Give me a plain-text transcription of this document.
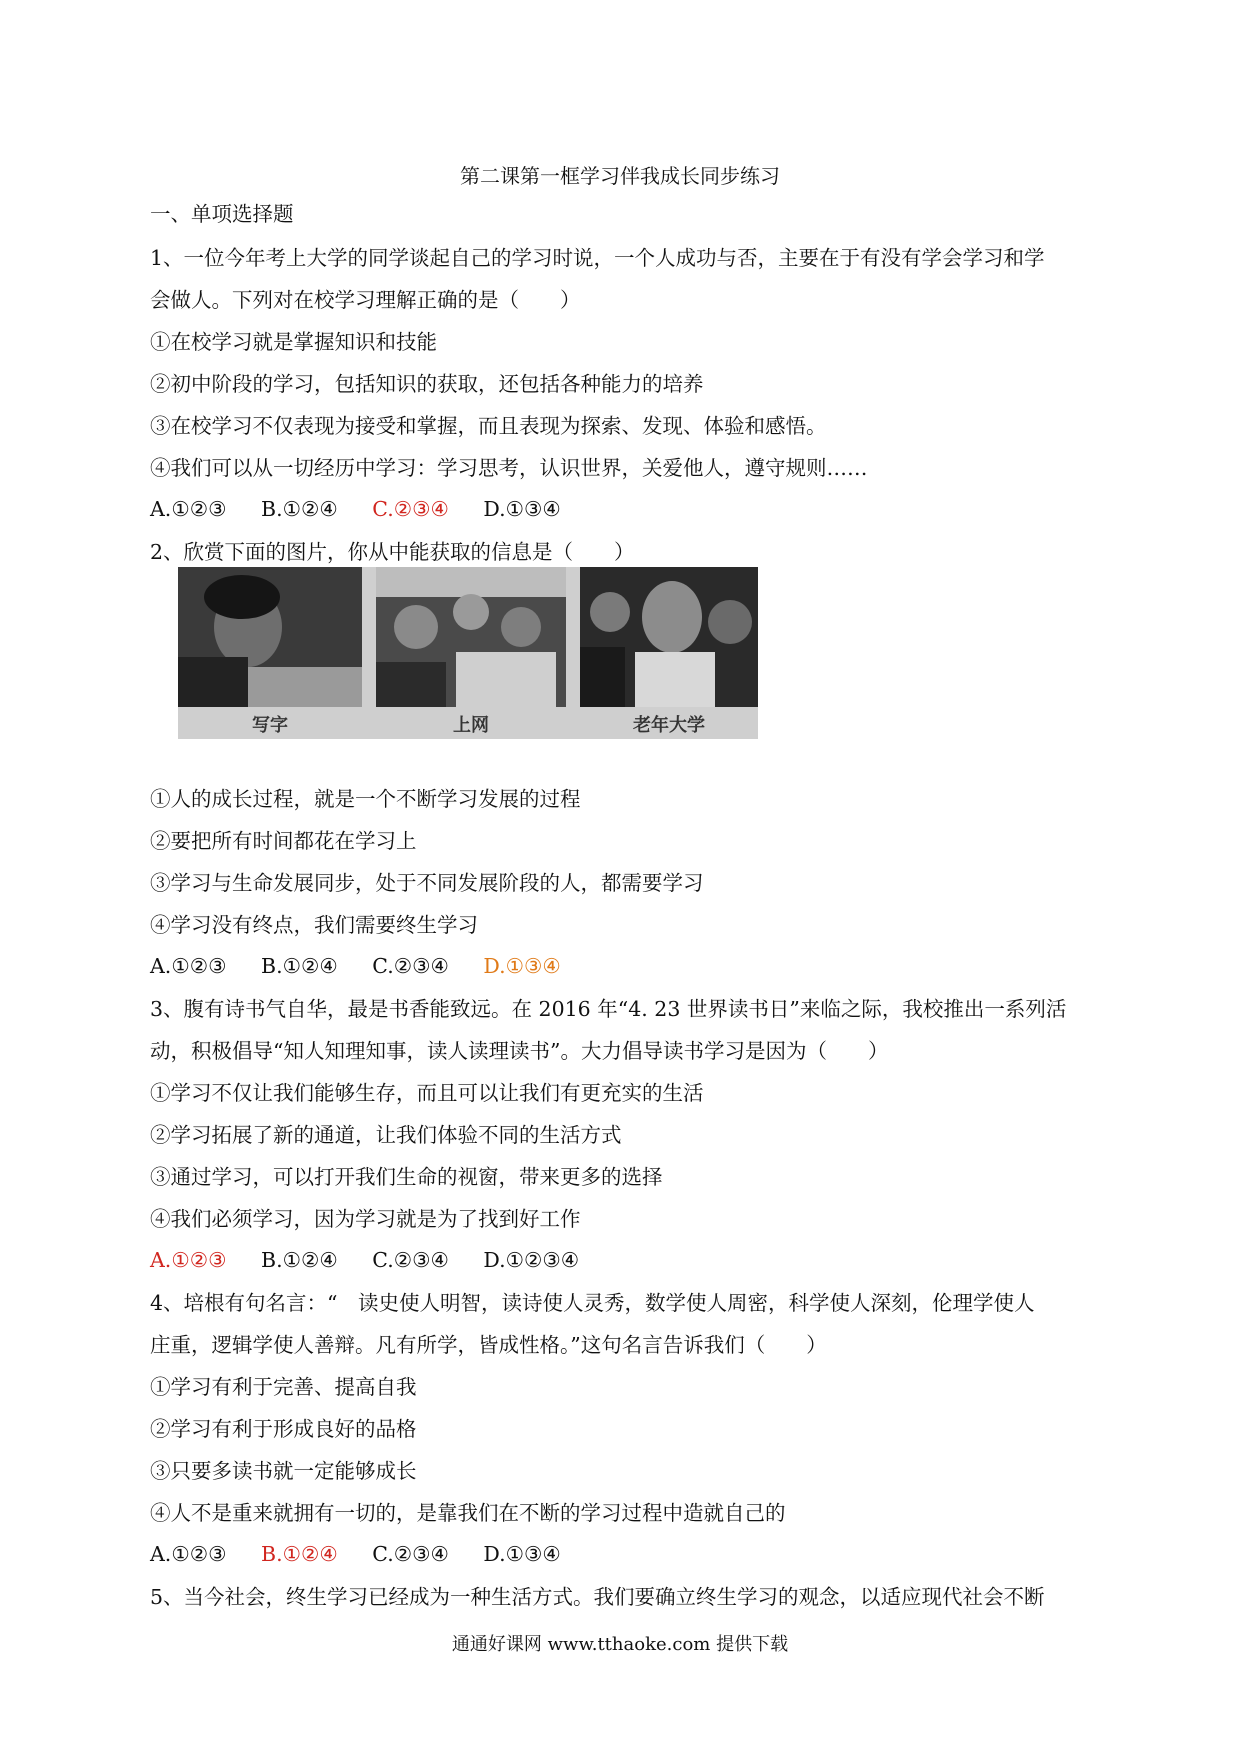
第二课第一框学习伴我成长同步练习
一、单项选择题
1、一位今年考上大学的同学谈起自己的学习时说，一个人成功与否，主要在于有没有学会学习和学
会做人。下列对在校学习理解正确的是（　　）
①在校学习就是掌握知识和技能
②初中阶段的学习，包括知识的获取，还包括各种能力的培养
③在校学习不仅表现为接受和掌握，而且表现为探索、发现、体验和感悟。
④我们可以从一切经历中学习：学习思考，认识世界，关爱他人，遵守规则……
A.①②③ B.①②④ C.②③④ D.①③④
2、欣赏下面的图片，你从中能获取的信息是（　　）
写字	上网	老年大学
①人的成长过程，就是一个不断学习发展的过程
②要把所有时间都花在学习上
③学习与生命发展同步，处于不同发展阶段的人，都需要学习
④学习没有终点，我们需要终生学习
A.①②③ B.①②④ C.②③④ D.①③④
3、腹有诗书气自华，最是书香能致远。在 2016 年“4. 23 世界读书日”来临之际，我校推出一系列活
动，积极倡导“知人知理知事，读人读理读书”。大力倡导读书学习是因为（　　）
①学习不仅让我们能够生存，而且可以让我们有更充实的生活
②学习拓展了新的通道，让我们体验不同的生活方式
③通过学习，可以打开我们生命的视窗，带来更多的选择
④我们必须学习，因为学习就是为了找到好工作
A.①②③ B.①②④ C.②③④ D.①②③④
4、培根有句名言：“　读史使人明智，读诗使人灵秀，数学使人周密，科学使人深刻，伦理学使人
庄重，逻辑学使人善辩。凡有所学，皆成性格。”这句名言告诉我们（　　）
①学习有利于完善、提高自我
②学习有利于形成良好的品格
③只要多读书就一定能够成长
④人不是重来就拥有一切的，是靠我们在不断的学习过程中造就自己的
A.①②③ B.①②④ C.②③④ D.①③④
5、当今社会，终生学习已经成为一种生活方式。我们要确立终生学习的观念，以适应现代社会不断
通通好课网 www.tthaoke.com 提供下载
